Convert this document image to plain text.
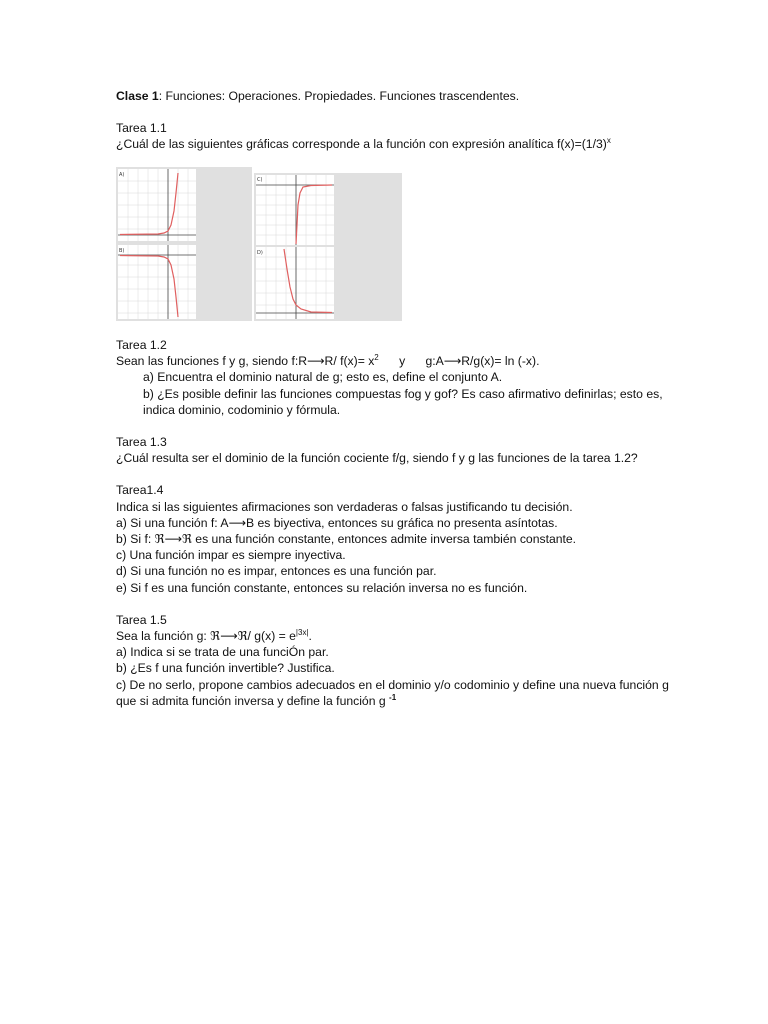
Clase 1: Funciones: Operaciones. Propiedades. Funciones trascendentes.

Tarea 1.1

¿Cuál de las siguientes gráficas corresponde a la función con expresión analítica $f(x)=(1/3)^x$

A)
B)
C)
D)

Tarea 1.2

Sean las funciones f y g, siendo f:R⟶R/ $f(x)= x^2$      y      g:A⟶R/g(x)= ln (-x).

a) Encuentra el dominio natural de g; esto es, define el conjunto A.

b) ¿Es posible definir las funciones compuestas fog y gof? Es caso afirmativo definirlas; esto es, indica dominio, codominio y fórmula.

Tarea 1.3

¿Cuál resulta ser el dominio de la función cociente f/g, siendo f y g las funciones de la tarea 1.2?

Tarea1.4

Indica si las siguientes afirmaciones son verdaderas o falsas justificando tu decisión.

a) Si una función f: A⟶B es biyectiva, entonces su gráfica no presenta asíntotas.

b) Si f: ℜ⟶ℜ es una función constante, entonces admite inversa también constante.

c) Una función impar es siempre inyectiva.

d) Si una función no es impar, entonces es una función par.

e) Si f es una función constante, entonces su relación inversa no es función.

Tarea 1.5

Sea la función g: ℜ⟶ℜ/ $g(x) = e^{|3x|}$.

a) Indica si se trata de una funciÓn par.

b) ¿Es f una función invertible? Justifica.

c) De no serlo, propone cambios adecuados en el dominio y/o codominio y define una nueva función g que si admita función inversa y define la función g $^{-1}$
